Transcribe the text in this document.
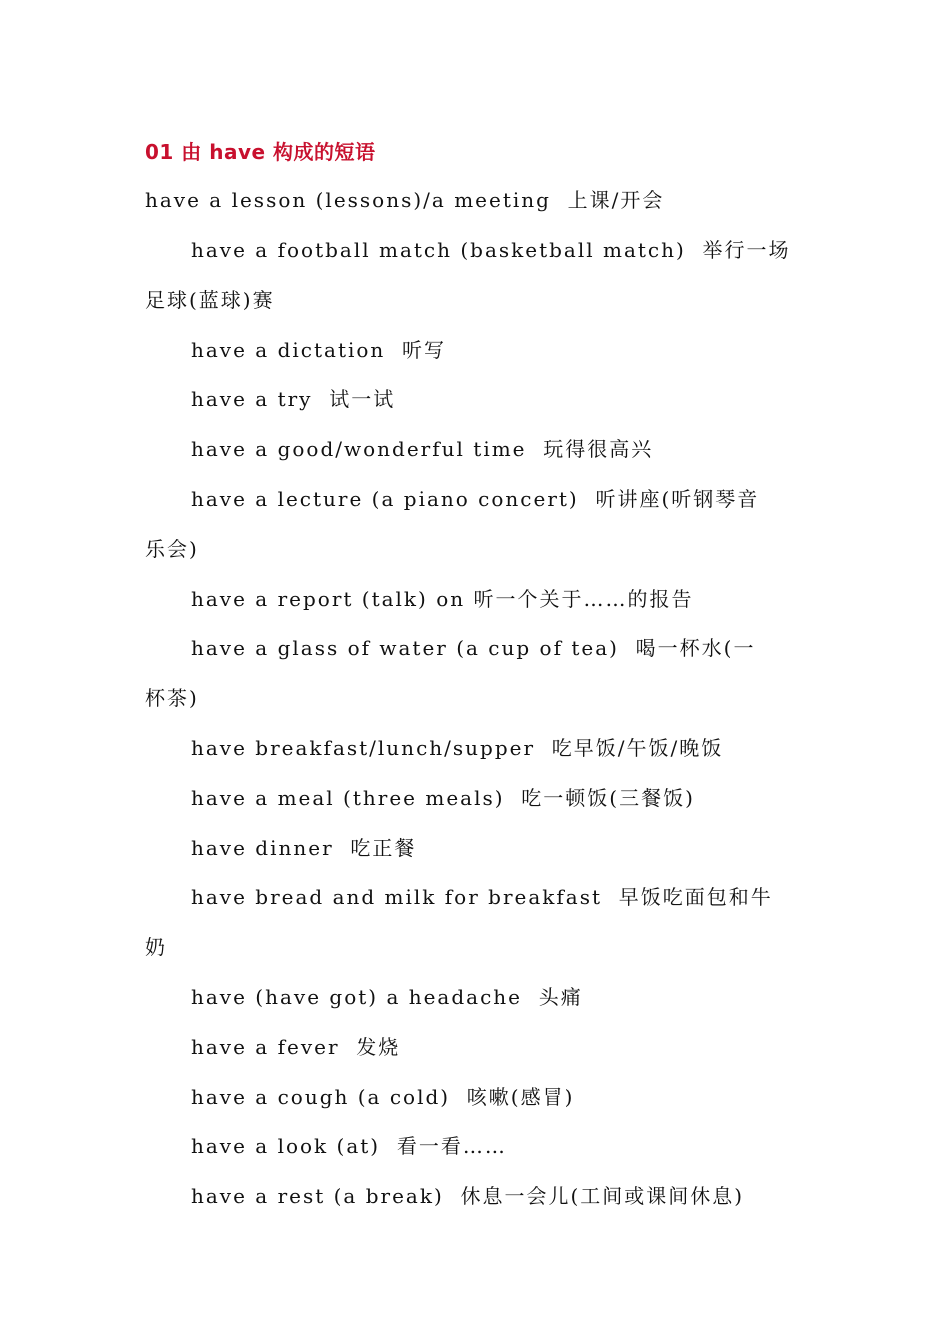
01 由 have 构成的短语
have a lesson (lessons)/a meeting  上课/开会
have a football match (basketball match)  举行一场
足球(蓝球)赛
have a dictation  听写
have a try  试一试
have a good/wonderful time  玩得很高兴
have a lecture (a piano concert)  听讲座(听钢琴音
乐会)
have a report (talk) on 听一个关于……的报告
have a glass of water (a cup of tea)  喝一杯水(一
杯茶)
have breakfast/lunch/supper  吃早饭/午饭/晚饭
have a meal (three meals)  吃一顿饭(三餐饭)
have dinner  吃正餐
have bread and milk for breakfast  早饭吃面包和牛
奶
have (have got) a headache  头痛
have a fever  发烧
have a cough (a cold)  咳嗽(感冒)
have a look (at)  看一看……
have a rest (a break)  休息一会儿(工间或课间休息)
